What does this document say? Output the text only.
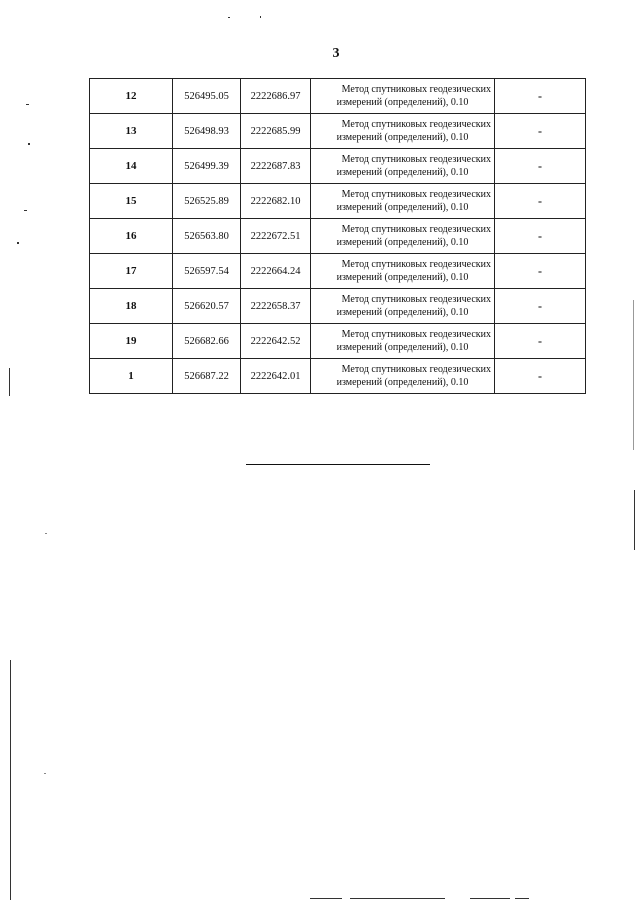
3
12	526495.05	2222686.97	Метод спутниковых геодезических
измерений (определений), 0.10	-
13	526498.93	2222685.99	Метод спутниковых геодезических
измерений (определений), 0.10	-
14	526499.39	2222687.83	Метод спутниковых геодезических
измерений (определений), 0.10	-
15	526525.89	2222682.10	Метод спутниковых геодезических
измерений (определений), 0.10	-
16	526563.80	2222672.51	Метод спутниковых геодезических
измерений (определений), 0.10	-
17	526597.54	2222664.24	Метод спутниковых геодезических
измерений (определений), 0.10	-
18	526620.57	2222658.37	Метод спутниковых геодезических
измерений (определений), 0.10	-
19	526682.66	2222642.52	Метод спутниковых геодезических
измерений (определений), 0.10	-
1	526687.22	2222642.01	Метод спутниковых геодезических
измерений (определений), 0.10	-
